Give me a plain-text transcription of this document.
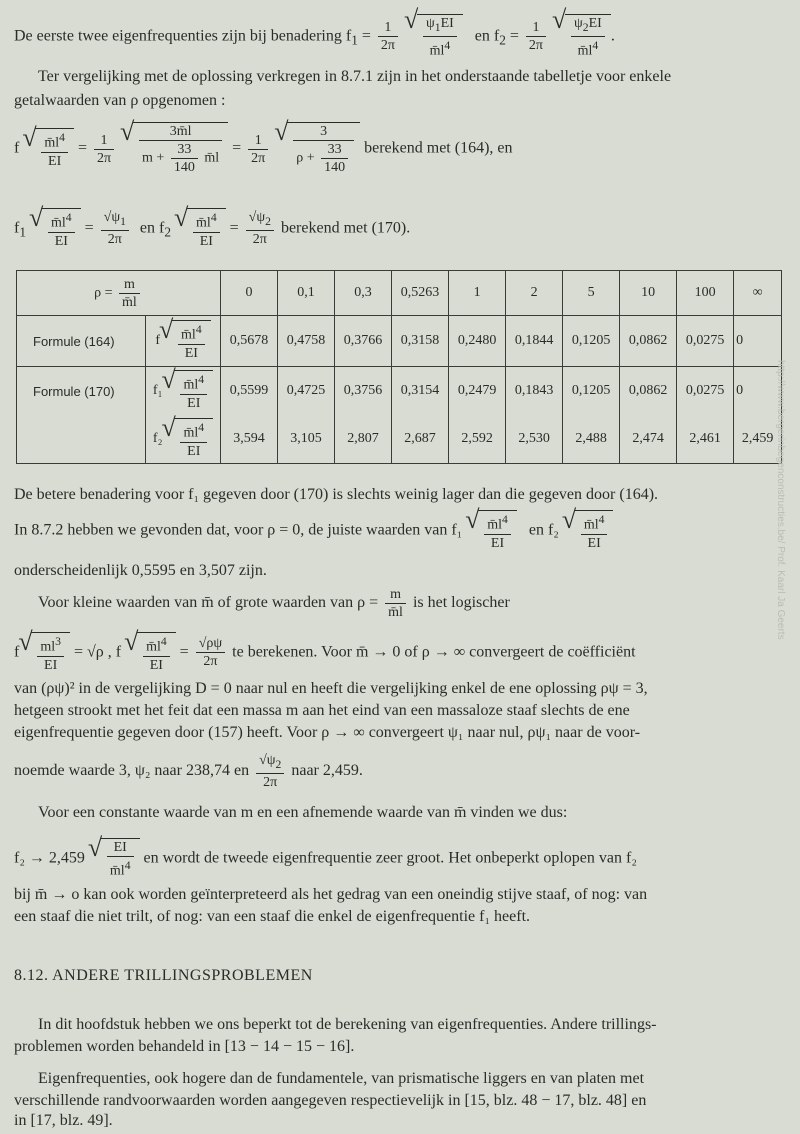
De eerste twee eigenfrequenties zijn bij benadering $f_1 = \frac{1}{2\pi}$
√ $\frac{\psi_1EI}{m̄l^4}$ en $f_2 = \frac{1}{2\pi}$
√ $\frac{\psi_2EI}{m̄l^4}$ .
Ter vergelijking met de oplossing verkregen in 8.7.1 zijn in het onderstaande tabelletje voor enkele
getalwaarden van ρ opgenomen :
f √ $\frac{m̄l^4}{EI} = \frac{1}{2\pi}$
√ $\frac{3m̄l}{m + \frac{33}{140} m̄l} = \frac{1}{2\pi}$
√ $\frac{3}{\rho + \frac{33}{140}}$ berekend met (164), en
$f_1$ √ $\frac{m̄l^4}{EI} = \frac{√\psi_1}{2\pi}$ en $f_2$ √ $\frac{m̄l^4}{EI} = \frac{√\psi_2}{2\pi}$ berekend met (170).
$\rho = \frac{m}{m̄l}$		0	0,1	0,3	0,5263	1	2	5	10	100	∞
Formule (164)	f √ $\frac{m̄l^4}{EI}$	0,5678	0,4758	0,3766	0,3158	0,2480	0,1844	0,1205	0,0862	0,0275	0
Formule (170)	f₁ √ $\frac{m̄l^4}{EI}$	0,5599	0,4725	0,3756	0,3154	0,2479	0,1843	0,1205	0,0862	0,0275	0
	f₂ √ $\frac{m̄l^4}{EI}$	3,594	3,105	2,807	2,687	2,592	2,530	2,488	2,474	2,461	2,459
De betere benadering voor f₁ gegeven door (170) is slechts weinig lager dan die gegeven door (164).
In 8.7.2 hebben we gevonden dat, voor ρ = 0, de juiste waarden van f₁ √ $\frac{m̄l^4}{EI}$ en f₂ √ $\frac{m̄l^4}{EI}$
onderscheidenlijk 0,5595 en 3,507 zijn.
Voor kleine waarden van m̄ of grote waarden van $\rho = \frac{m}{m̄l}$ is het logischer
f √ $\frac{ml^3}{EI} = √\rho$ , f √ $\frac{m̄l^4}{EI} = \frac{√\rho\psi}{2\pi}$ te berekenen. Voor m̄ → 0 of ρ → ∞ convergeert de coëfficiënt
van (ρψ)² in de vergelijking D = 0 naar nul en heeft die vergelijking enkel de ene oplossing ρψ = 3,
hetgeen strookt met het feit dat een massa m aan het eind van een massaloze staaf slechts de ene
eigenfrequentie gegeven door (157) heeft. Voor ρ → ∞ convergeert ψ₁ naar nul, ρψ₁ naar de voor-
noemde waarde 3, ψ₂ naar 238,74 en $\frac{√\psi_2}{2\pi}$ naar 2,459.
Voor een constante waarde van m en een afnemende waarde van m̄ vinden we dus:
f₂ → 2,459 √ $\frac{EI}{m̄l^4}$ en wordt de tweede eigenfrequentie zeer groot. Het onbeperkt oplopen van f₂
bij m̄ → o kan ook worden geïnterpreteerd als het gedrag van een oneindig stijve staaf, of nog: van
een staaf die niet trilt, of nog: van een staaf die enkel de eigenfrequentie f₁ heeft.
8.12. ANDERE TRILLINGSPROBLEMEN
In dit hoofdstuk hebben we ons beperkt tot de berekening van eigenfrequenties. Andere trillings-
problemen worden behandeld in [13 − 14 − 15 − 16].
Eigenfrequenties, ook hogere dan de fundamentele, van prismatische liggers en van platen met
verschillende randvoorwaarden worden aangegeven respectievelijk in [15, blz. 48 − 17, blz. 48] en
in [17, blz. 49].
http://www.bergerinbegenconstructies.be/ Prof. Kaarl Ja Geerts
